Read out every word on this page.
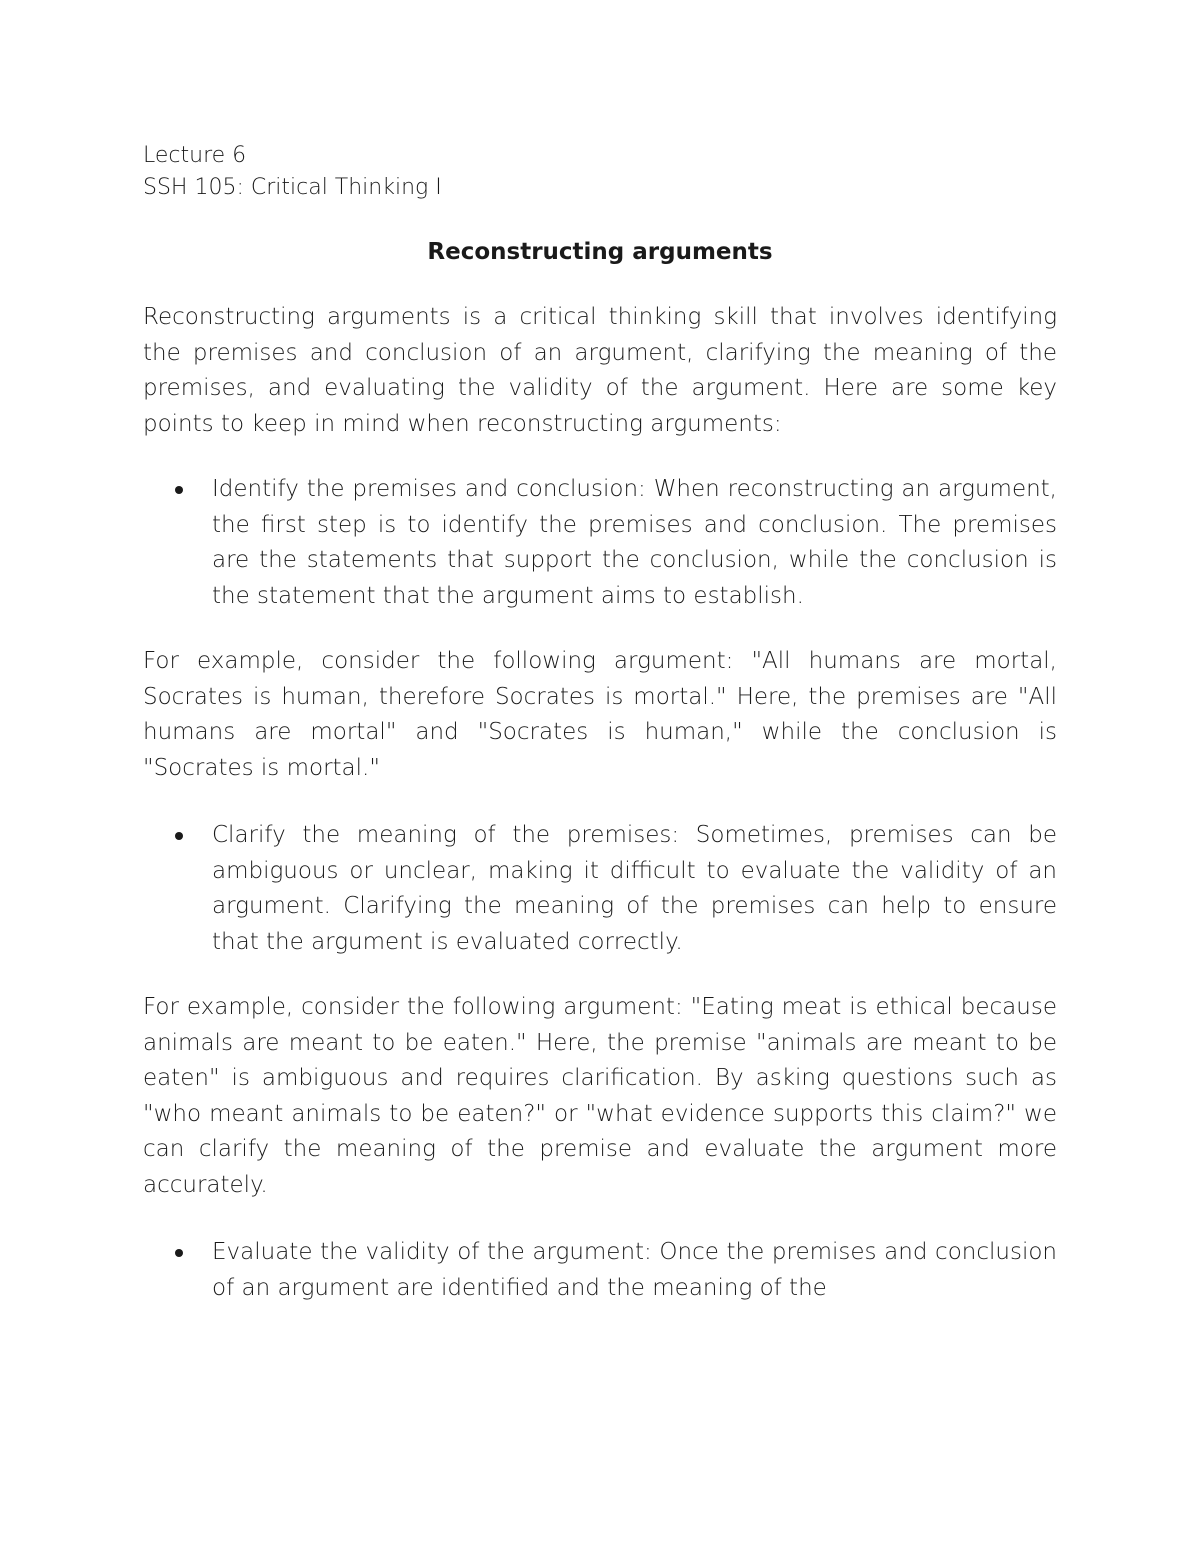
Lecture 6

SSH 105: Critical Thinking I

Reconstructing arguments

Reconstructing arguments is a critical thinking skill that involves identifying the premises and conclusion of an argument, clarifying the meaning of the premises, and evaluating the validity of the argument. Here are some key points to keep in mind when reconstructing arguments:

Identify the premises and conclusion: When reconstructing an argument, the first step is to identify the premises and conclusion. The premises are the statements that support the conclusion, while the conclusion is the statement that the argument aims to establish.

For example, consider the following argument: "All humans are mortal, Socrates is human, therefore Socrates is mortal." Here, the premises are "All humans are mortal" and "Socrates is human," while the conclusion is "Socrates is mortal."

Clarify the meaning of the premises: Sometimes, premises can be ambiguous or unclear, making it difficult to evaluate the validity of an argument. Clarifying the meaning of the premises can help to ensure that the argument is evaluated correctly.

For example, consider the following argument: "Eating meat is ethical because animals are meant to be eaten." Here, the premise "animals are meant to be eaten" is ambiguous and requires clarification. By asking questions such as "who meant animals to be eaten?" or "what evidence supports this claim?" we can clarify the meaning of the premise and evaluate the argument more accurately.

Evaluate the validity of the argument: Once the premises and conclusion of an argument are identified and the meaning of the
